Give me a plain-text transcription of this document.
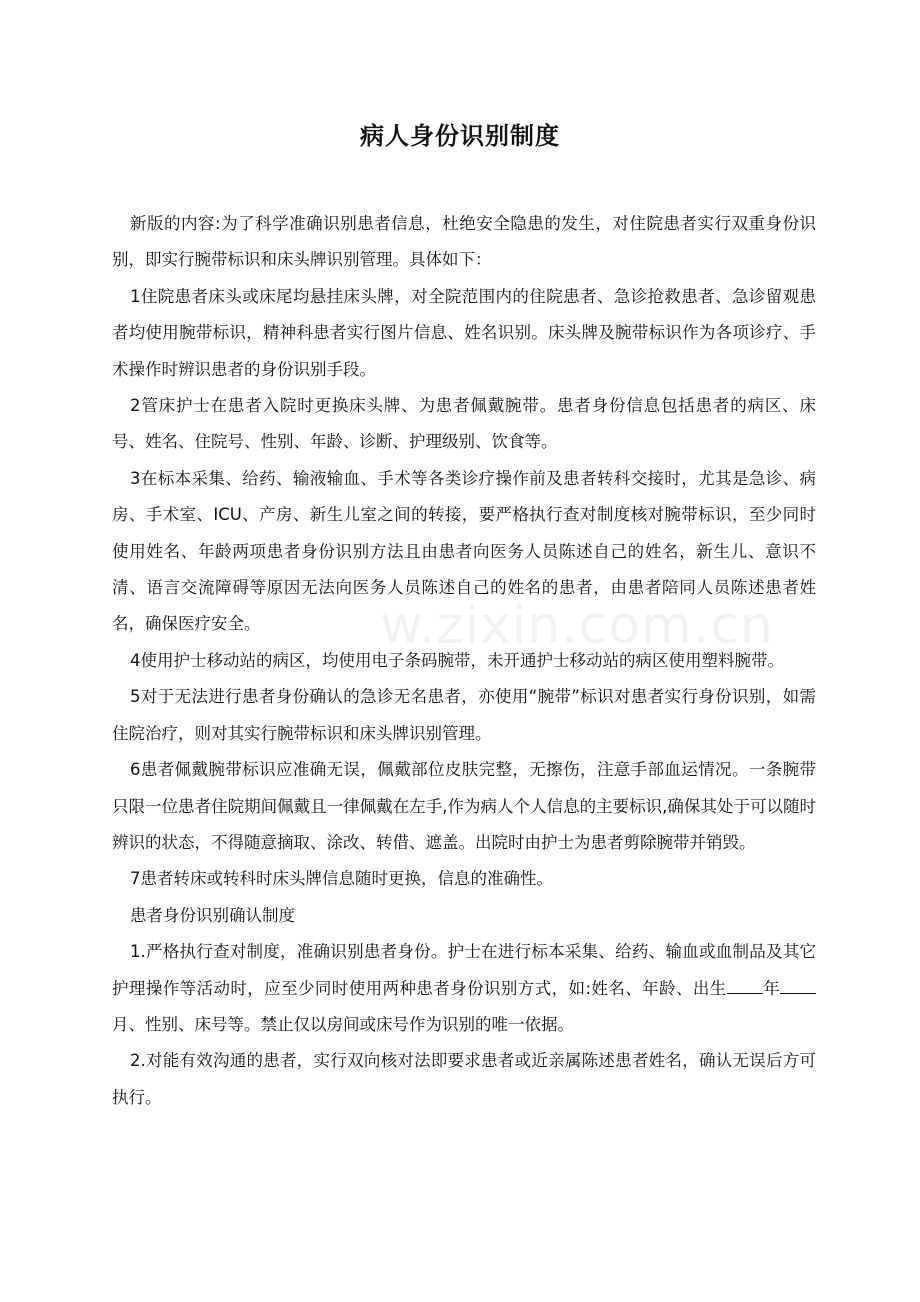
病人身份识别制度

新版的内容:为了科学准确识别患者信息，杜绝安全隐患的发生，对住院患者实行双重身份识别，即实行腕带标识和床头牌识别管理。具体如下：

1住院患者床头或床尾均悬挂床头牌，对全院范围内的住院患者、急诊抢救患者、急诊留观患者均使用腕带标识，精神科患者实行图片信息、姓名识别。床头牌及腕带标识作为各项诊疗、手术操作时辨识患者的身份识别手段。

2管床护士在患者入院时更换床头牌、为患者佩戴腕带。患者身份信息包括患者的病区、床号、姓名、住院号、性别、年龄、诊断、护理级别、饮食等。

3在标本采集、给药、输液输血、手术等各类诊疗操作前及患者转科交接时，尤其是急诊、病房、手术室、ICU、产房、新生儿室之间的转接，要严格执行查对制度核对腕带标识，至少同时使用姓名、年龄两项患者身份识别方法且由患者向医务人员陈述自己的姓名，新生儿、意识不清、语言交流障碍等原因无法向医务人员陈述自己的姓名的患者，由患者陪同人员陈述患者姓名，确保医疗安全。

4使用护士移动站的病区，均使用电子条码腕带，未开通护士移动站的病区使用塑料腕带。

5对于无法进行患者身份确认的急诊无名患者，亦使用“腕带”标识对患者实行身份识别，如需住院治疗，则对其实行腕带标识和床头牌识别管理。

6患者佩戴腕带标识应准确无误，佩戴部位皮肤完整，无擦伤，注意手部血运情况。一条腕带只限一位患者住院期间佩戴且一律佩戴在左手,作为病人个人信息的主要标识,确保其处于可以随时辨识的状态，不得随意摘取、涂改、转借、遮盖。出院时由护士为患者剪除腕带并销毁。

7患者转床或转科时床头牌信息随时更换，信息的准确性。

患者身份识别确认制度

1.严格执行查对制度，准确识别患者身份。护士在进行标本采集、给药、输血或血制品及其它护理操作等活动时，应至少同时使用两种患者身份识别方式，如:姓名、年龄、出生 年月、性别、床号等。禁止仅以房间或床号作为识别的唯一依据。

2.对能有效沟通的患者，实行双向核对法即要求患者或近亲属陈述患者姓名，确认无误后方可执行。

w.zixin.com.cn
